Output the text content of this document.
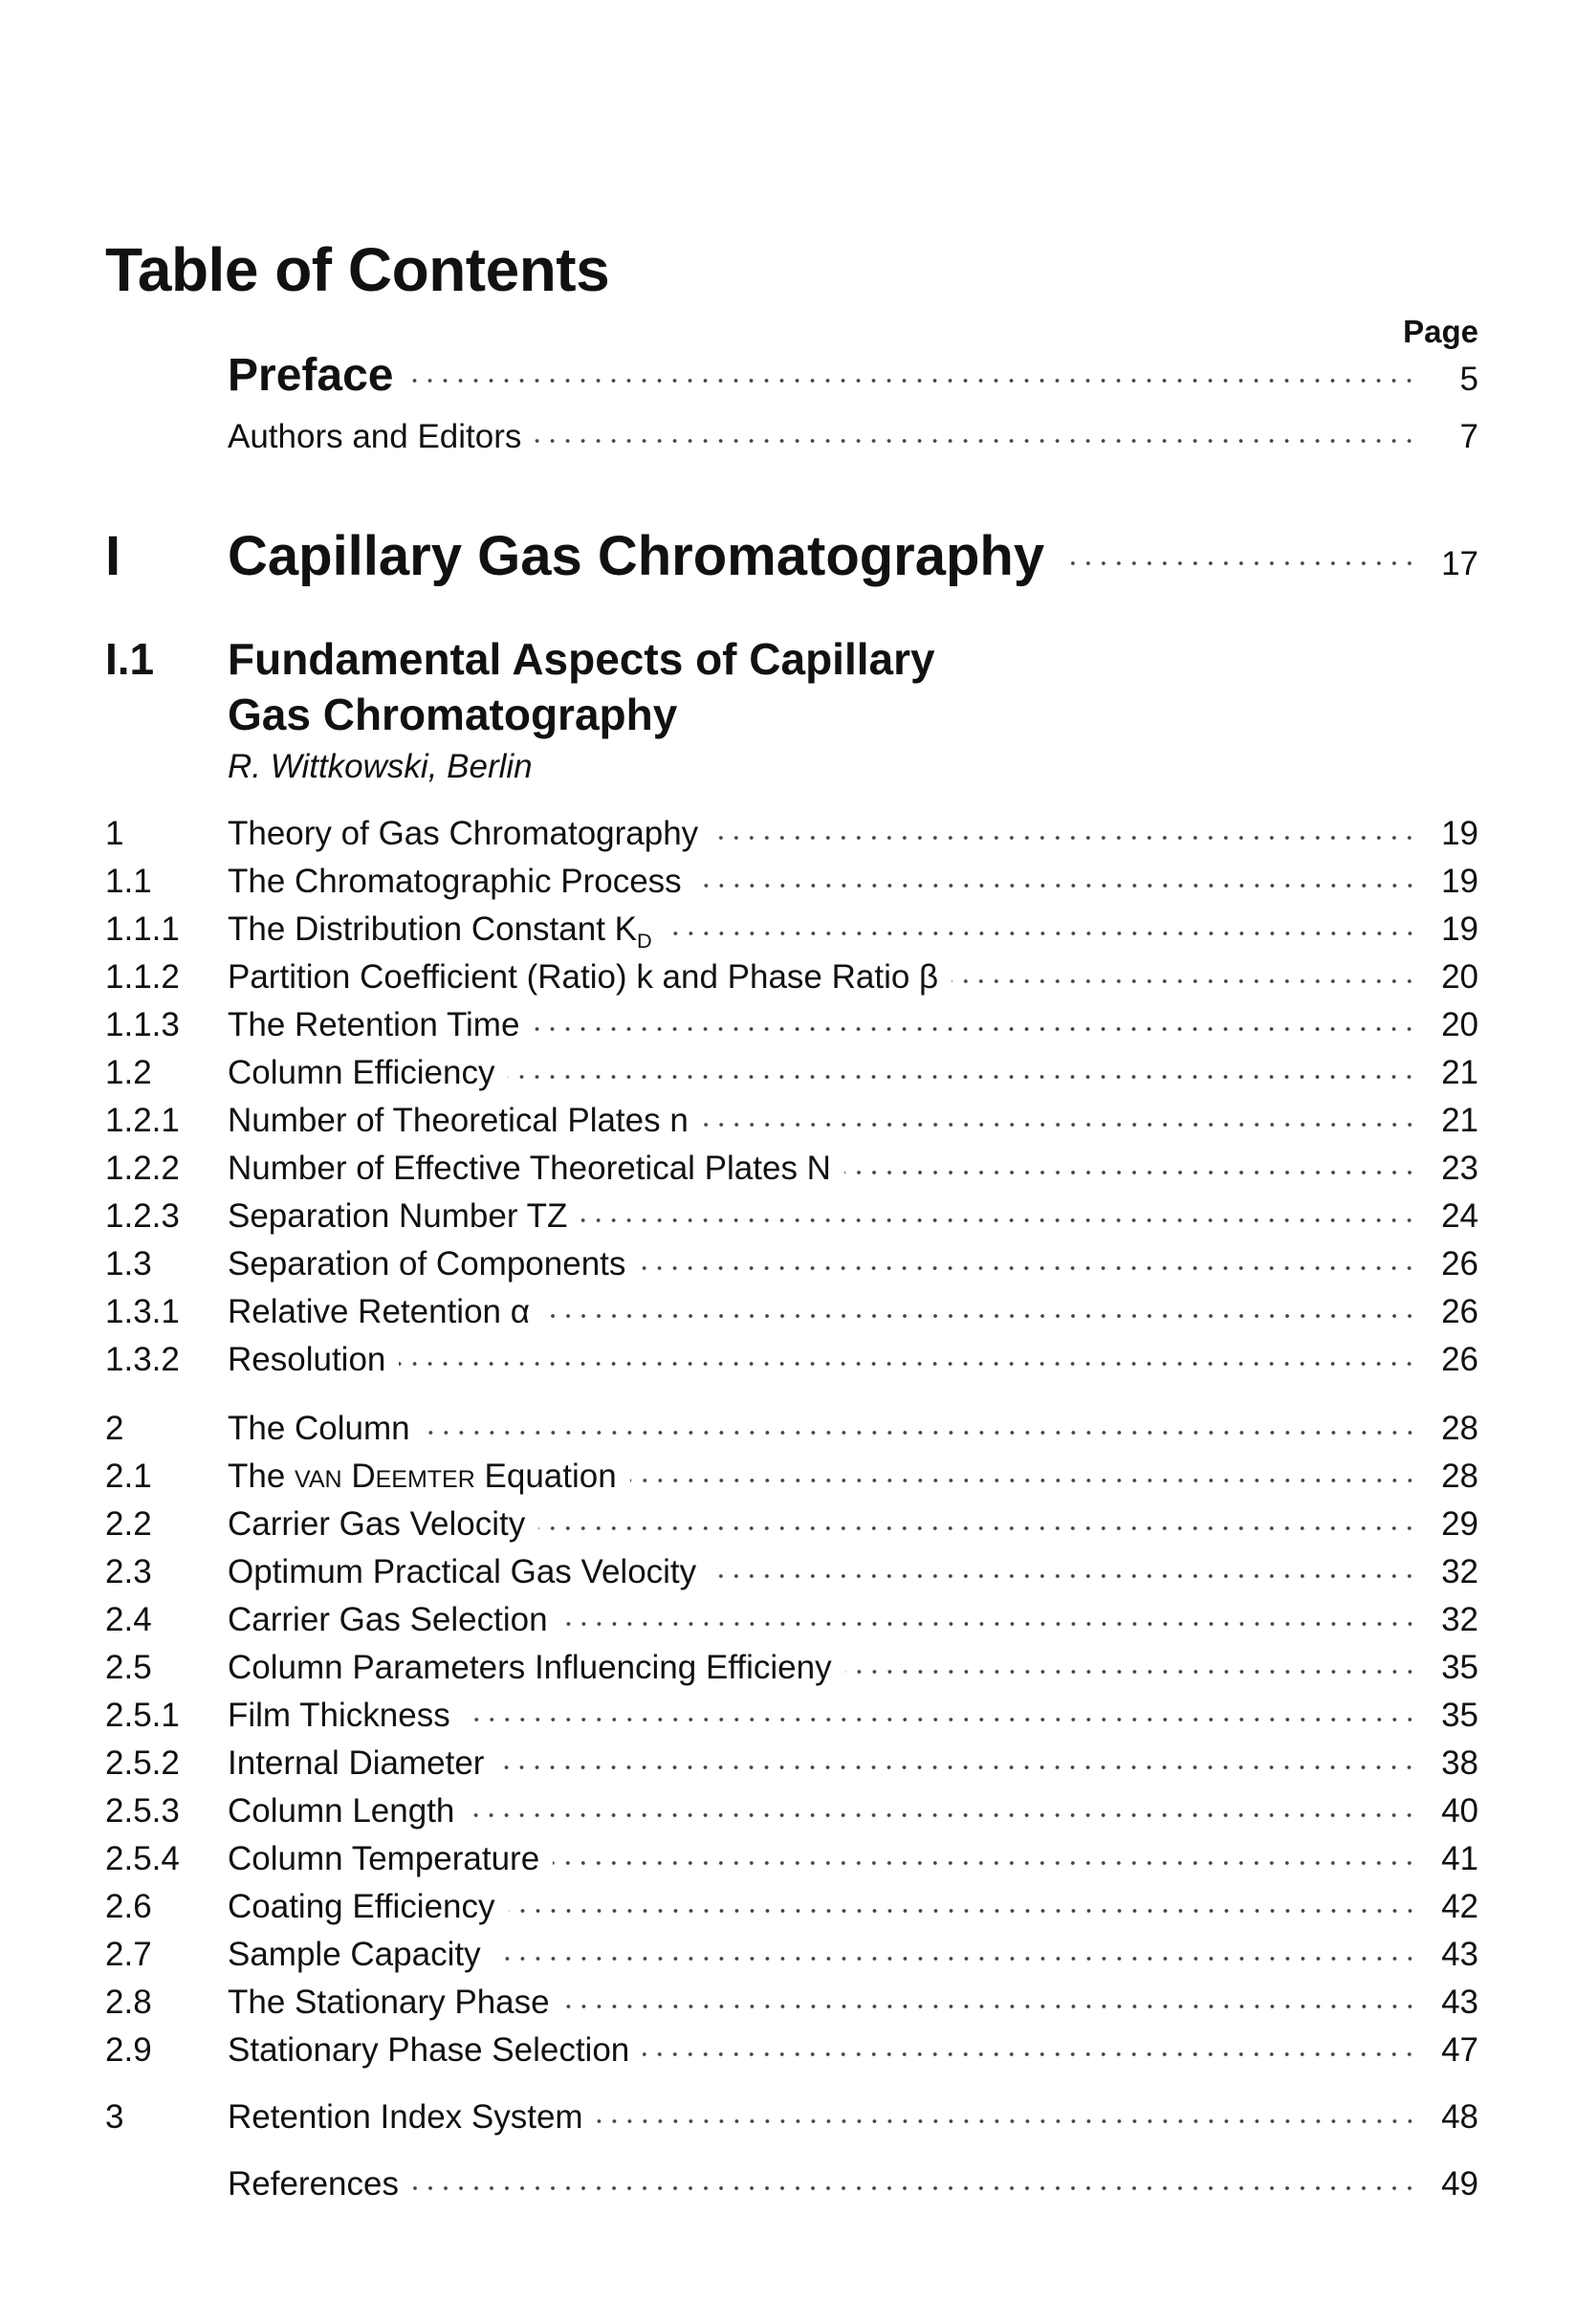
Table of Contents
Page
Preface	5
Authors and Editors	7
I	Capillary Gas Chromatography	17
I.1	Fundamental Aspects of Capillary
Gas Chromatography
R. Wittkowski, Berlin
1	Theory of Gas Chromatography	19
1.1	The Chromatographic Process	19
1.1.1	The Distribution Constant $K_D$	19
1.1.2	Partition Coefficient (Ratio) k and Phase Ratio β	20
1.1.3	The Retention Time	20
1.2	Column Efficiency	21
1.2.1	Number of Theoretical Plates n	21
1.2.2	Number of Effective Theoretical Plates N	23
1.2.3	Separation Number TZ	24
1.3	Separation of Components	26
1.3.1	Relative Retention α	26
1.3.2	Resolution	26
2	The Column	28
2.1	The van Deemter Equation	28
2.2	Carrier Gas Velocity	29
2.3	Optimum Practical Gas Velocity	32
2.4	Carrier Gas Selection	32
2.5	Column Parameters Influencing Efficieny	35
2.5.1	Film Thickness	35
2.5.2	Internal Diameter	38
2.5.3	Column Length	40
2.5.4	Column Temperature	41
2.6	Coating Efficiency	42
2.7	Sample Capacity	43
2.8	The Stationary Phase	43
2.9	Stationary Phase Selection	47
3	Retention Index System	48
References	49
